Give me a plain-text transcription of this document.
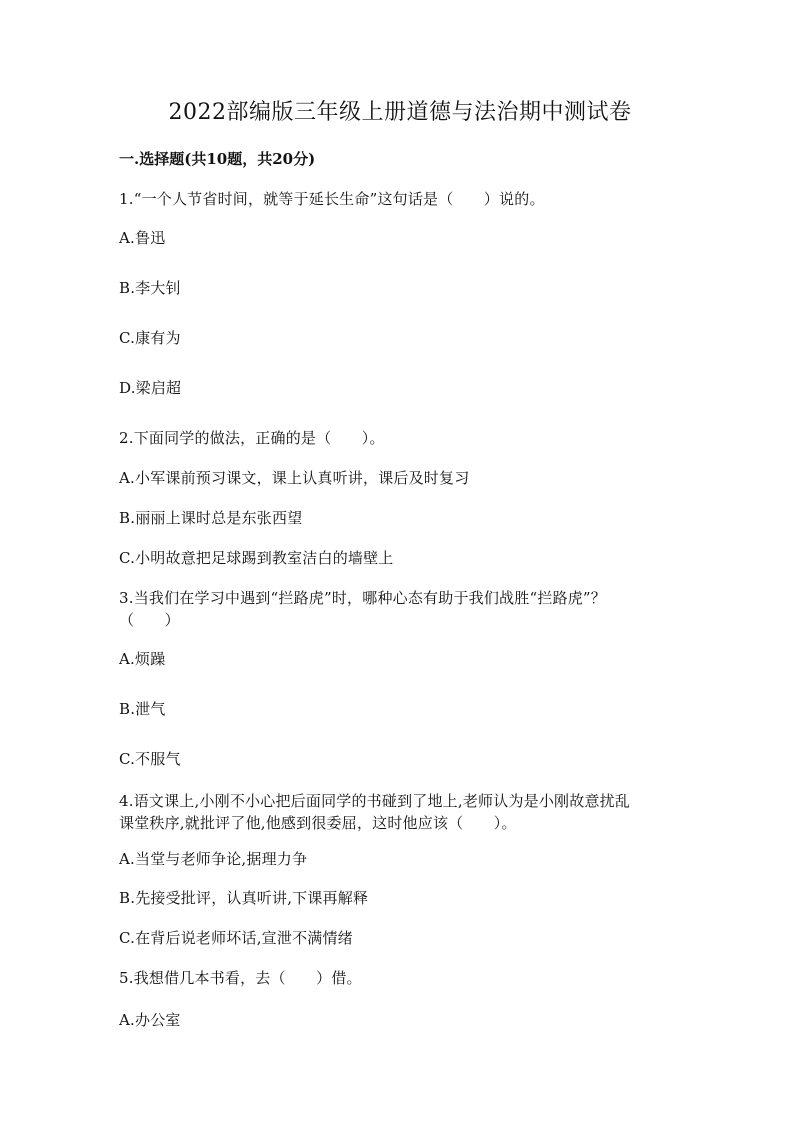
2022部编版三年级上册道德与法治期中测试卷
一.选择题(共10题，共20分)
1.“一个人节省时间，就等于延长生命”这句话是（　　）说的。
A.鲁迅
B.李大钊
C.康有为
D.梁启超
2.下面同学的做法，正确的是（　　）。
A.小军课前预习课文，课上认真听讲，课后及时复习
B.丽丽上课时总是东张西望
C.小明故意把足球踢到教室洁白的墙壁上
3.当我们在学习中遇到“拦路虎”时，哪种心态有助于我们战胜“拦路虎”？
（　　）
A.烦躁
B.泄气
C.不服气
4.语文课上,小刚不小心把后面同学的书碰到了地上,老师认为是小刚故意扰乱
课堂秩序,就批评了他,他感到很委屈，这时他应该（　　）。
A.当堂与老师争论,据理力争
B.先接受批评，认真听讲,下课再解释
C.在背后说老师坏话,宣泄不满情绪
5.我想借几本书看，去（　　）借。
A.办公室
